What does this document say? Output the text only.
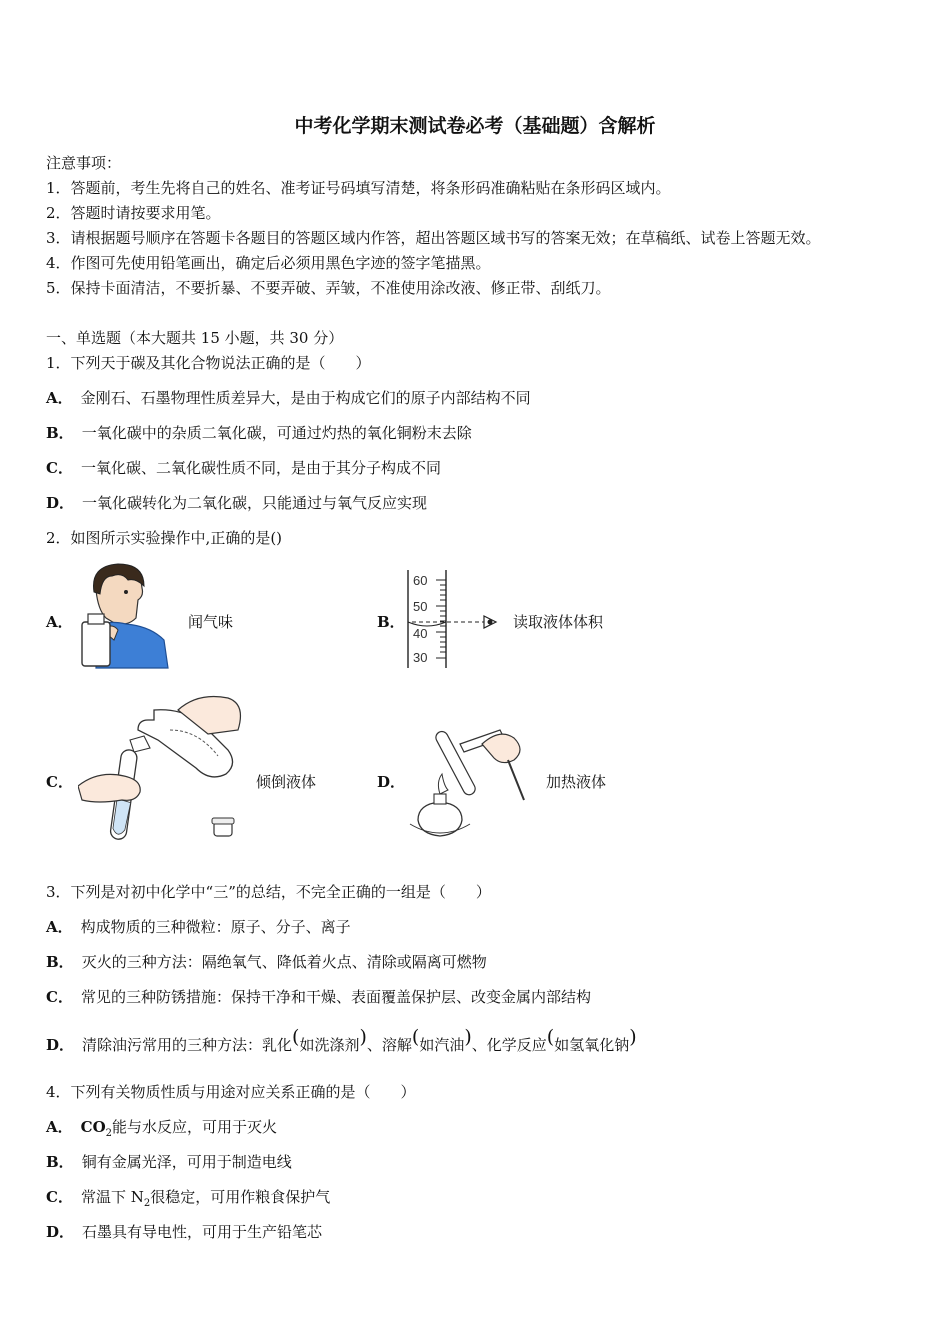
中考化学期末测试卷必考（基础题）含解析
注意事项：
1．答题前，考生先将自己的姓名、准考证号码填写清楚，将条形码准确粘贴在条形码区域内。
2．答题时请按要求用笔。
3．请根据题号顺序在答题卡各题目的答题区域内作答，超出答题区域书写的答案无效；在草稿纸、试卷上答题无效。
4．作图可先使用铅笔画出，确定后必须用黑色字迹的签字笔描黑。
5．保持卡面清洁，不要折暴、不要弄破、弄皱，不准使用涂改液、修正带、刮纸刀。
一、单选题（本大题共 15 小题，共 30 分）
1．下列天于碳及其化合物说法正确的是（　　）
A． 金刚石、石墨物理性质差异大，是由于构成它们的原子内部结构不同
B． 一氧化碳中的杂质二氧化碳，可通过灼热的氧化铜粉末去除
C． 一氧化碳、二氧化碳性质不同，是由于其分子构成不同
D． 一氧化碳转化为二氧化碳，只能通过与氧气反应实现
2．如图所示实验操作中,正确的是()
A．	闻气味	B．
60
50
40
30
读取液体体积
C．	倾倒液体	D．	加热液体
3．下列是对初中化学中“三”的总结，不完全正确的一组是（　　）
A． 构成物质的三种微粒：原子、分子、离子
B． 灭火的三种方法：隔绝氧气、降低着火点、清除或隔离可燃物
C． 常见的三种防锈措施：保持干净和干燥、表面覆盖保护层、改变金属内部结构
D． 清除油污常用的三种方法：乳化(如洗涤剂)、溶解(如汽油)、化学反应(如氢氧化钠)
4．下列有关物质性质与用途对应关系正确的是（　　）
A． $CO_2$能与水反应，可用于灭火
B． 铜有金属光泽，可用于制造电线
C． 常温下 $N_2$很稳定，可用作粮食保护气
D． 石墨具有导电性，可用于生产铅笔芯
